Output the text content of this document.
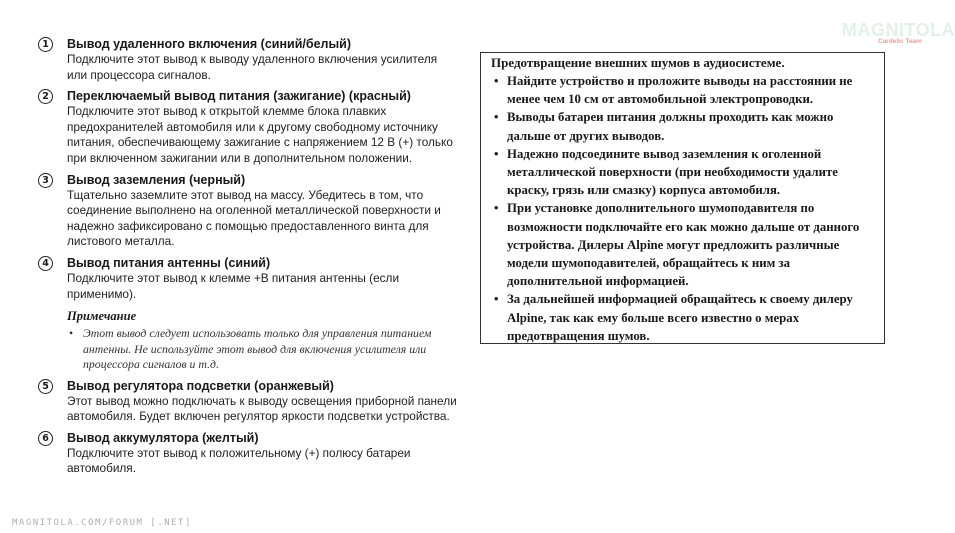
1	Вывод удаленного включения (синий/белый)
Подключите этот вывод к выводу удаленного включения усилителя или процессора сигналов.
2	Переключаемый вывод питания (зажигание) (красный)
Подключите этот вывод к открытой клемме блока плавких предохранителей автомобиля или к другому свободному источнику питания, обеспечивающему зажигание с напряжением 12 В (+) только при включенном зажигании или в дополнительном положении.
3	Вывод заземления (черный)
Тщательно заземлите этот вывод на массу. Убедитесь в том, что соединение выполнено на оголенной металлической поверхности и надежно зафиксировано с помощью предоставленного винта для листового металла.
4	Вывод питания антенны (синий)
Подключите этот вывод к клемме +B питания антенны (если применимо).
Примечание
• Этот вывод следует использовать только для управления питанием антенны. Не используйте этот вывод для включения усилителя или процессора сигналов и т.д.
5	Вывод регулятора подсветки (оранжевый)
Этот вывод можно подключать к выводу освещения приборной панели автомобиля. Будет включен регулятор яркости подсветки устройства.
6	Вывод аккумулятора (желтый)
Подключите этот вывод к положительному (+) полюсу батареи автомобиля.
Предотвращение внешних шумов в аудиосистеме.
• Найдите устройство и проложите выводы на расстоянии не менее чем 10 см от автомобильной электропроводки.
• Выводы батареи питания должны проходить как можно дальше от других выводов.
• Надежно подсоедините вывод заземления к оголенной металлической поверхности (при необходимости удалите краску, грязь или смазку) корпуса автомобиля.
• При установке дополнительного шумоподавителя по возможности подключайте его как можно дальше от данного устройства. Дилеры Alpine могут предложить различные модели шумоподавителей, обращайтесь к ним за дополнительной информацией.
• За дальнейшей информацией обращайтесь к своему дилеру Alpine, так как ему больше всего известно о мерах предотвращения шумов.
MAGNITOLA
Cardelic Team
MAGNITOLA.COM/FORUM [.NET]
